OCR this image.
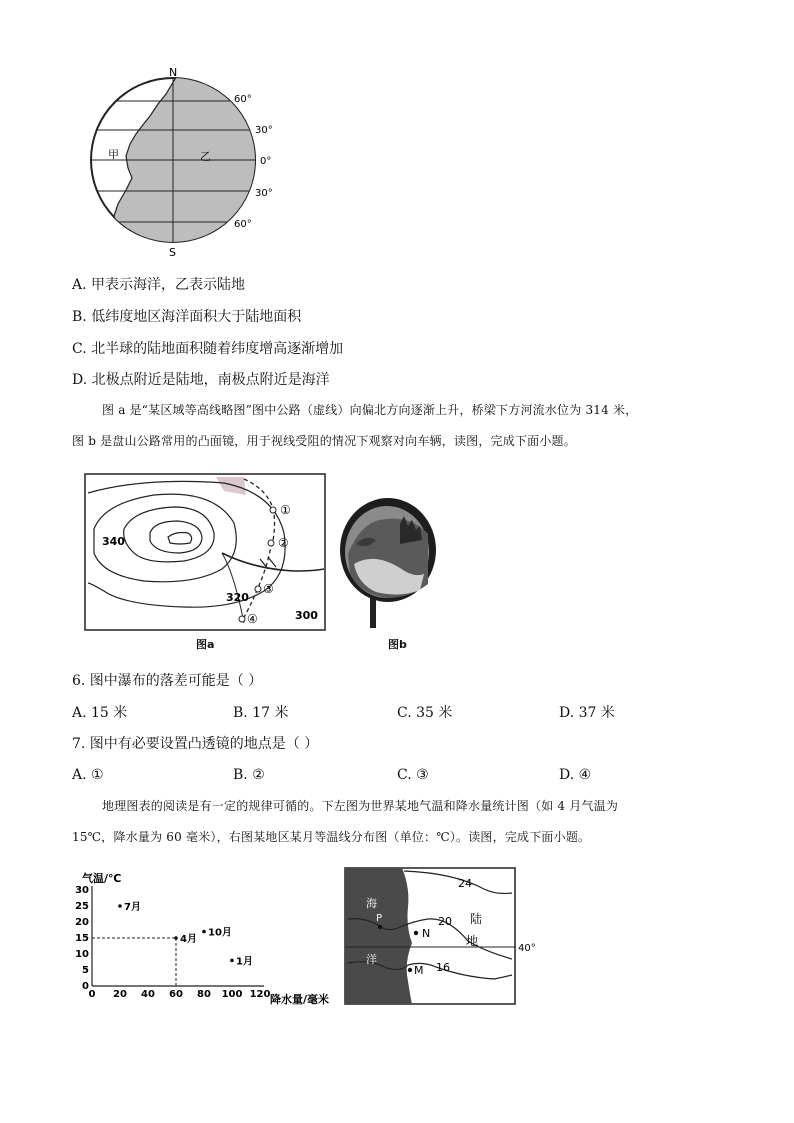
N
S
60°
30°
0°
30°
60°
甲	乙
A. 甲表示海洋，乙表示陆地
B. 低纬度地区海洋面积大于陆地面积
C. 北半球的陆地面积随着纬度增高逐渐增加
D. 北极点附近是陆地，南极点附近是海洋
图 a 是“某区域等高线略图”图中公路（虚线）向偏北方向逐渐上升，桥梁下方河流水位为 314 米，
图 b 是盘山公路常用的凸面镜，用于视线受阻的情况下观察对向车辆，读图，完成下面小题。
①
②
③
④
340
320
300
图a	图b
6. 图中瀑布的落差可能是（ ）
A. 15 米	B. 17 米	C. 35 米	D. 37 米
7. 图中有必要设置凸透镜的地点是（ ）
A. ①	B. ②	C. ③	D. ④
地理图表的阅读是有一定的规律可循的。下左图为世界某地气温和降水量统计图（如 4 月气温为
15℃，降水量为 60 毫米），右图某地区某月等温线分布图（单位：℃）。读图，完成下面小题。
气温/℃
降水量/毫米
0 20 40 60 80 100 120
0
5
10
15
20
25
30
7月
4月
10月
1月
海
洋
陆
地
24
20
16
P
N
M
40°
